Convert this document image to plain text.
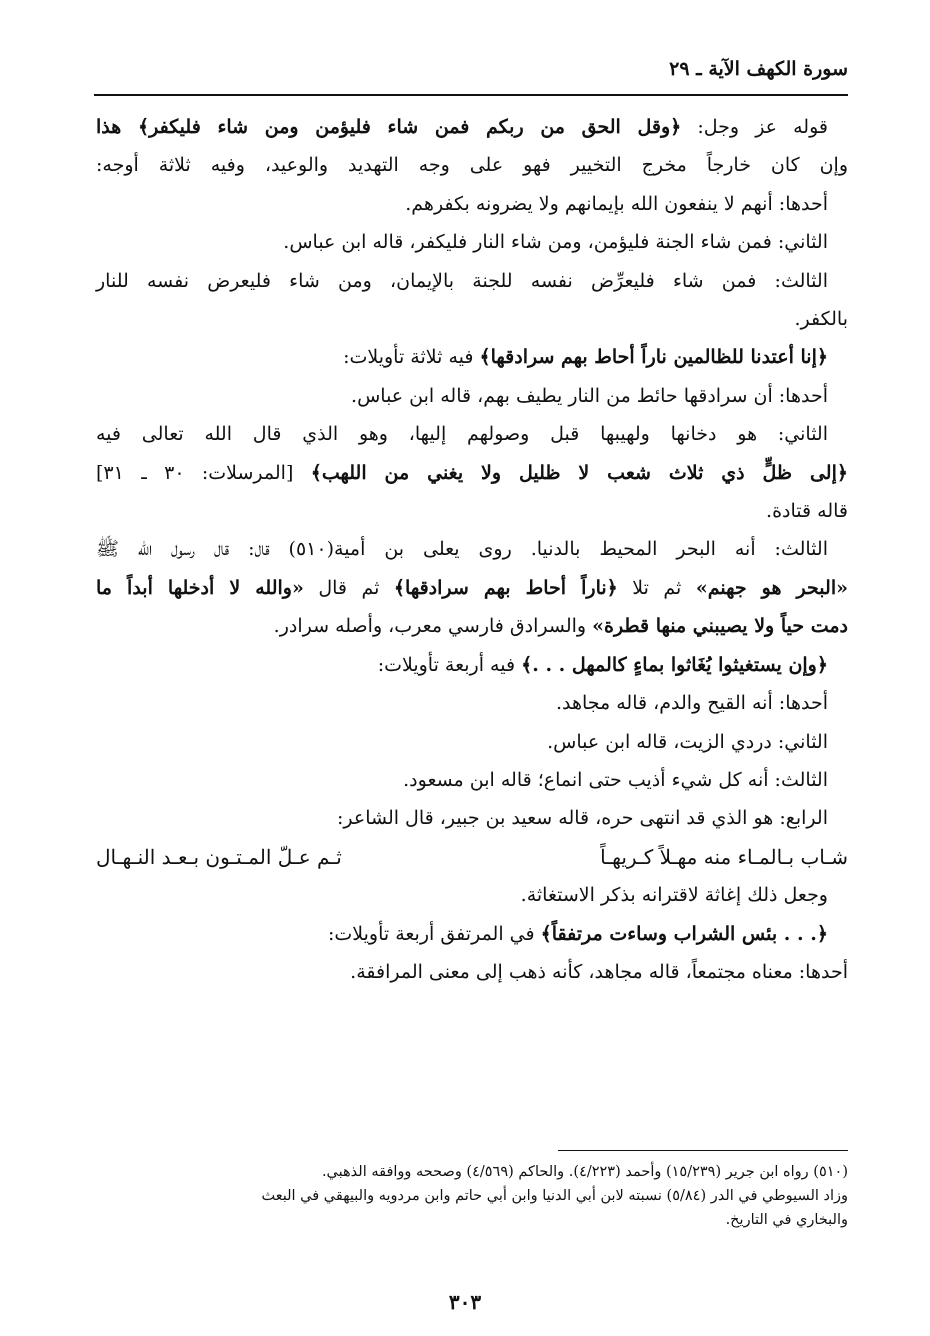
سورة الكهف الآية ـ ٢٩

قوله عز وجل: ﴿وقل الحق من ربكم فمن شاء فليؤمن ومن شاء فليكفر﴾ هذا

وإن كان خارجاً مخرج التخيير فهو على وجه التهديد والوعيد، وفيه ثلاثة أوجه:

أحدها: أنهم لا ينفعون الله بإيمانهم ولا يضرونه بكفرهم.

الثاني: فمن شاء الجنة فليؤمن، ومن شاء النار فليكفر، قاله ابن عباس.

الثالث: فمن شاء فليعرِّض نفسه للجنة بالإيمان، ومن شاء فليعرض نفسه للنار

بالكفر.

﴿إنا أعتدنا للظالمين ناراً أحاط بهم سرادقها﴾ فيه ثلاثة تأويلات:

أحدها: أن سرادقها حائط من النار يطيف بهم، قاله ابن عباس.

الثاني: هو دخانها ولهيبها قبل وصولهم إليها، وهو الذي قال الله تعالى فيه

﴿إلى ظلٍّ ذي ثلاث شعب لا ظليل ولا يغني من اللهب﴾ [المرسلات: ٣٠ ـ ٣١]

قاله قتادة.

الثالث: أنه البحر المحيط بالدنيا. روى يعلى بن أمية(٥١٠) قال: قال رسول الله ﷺ

«البحر هو جهنم» ثم تلا ﴿ناراً أحاط بهم سرادقها﴾ ثم قال «والله لا أدخلها أبداً ما

دمت حياً ولا يصيبني منها قطرة» والسرادق فارسي معرب، وأصله سرادر.

﴿وإن يستغيثوا يُغَاثوا بماءٍ كالمهل . . .﴾ فيه أربعة تأويلات:

أحدها: أنه القيح والدم، قاله مجاهد.

الثاني: دردي الزيت، قاله ابن عباس.

الثالث: أنه كل شيء أذيب حتى انماع؛ قاله ابن مسعود.

الرابع: هو الذي قد انتهى حره، قاله سعيد بن جبير، قال الشاعر:

شـاب بـالمـاء منه مهـلاً كـريهـاً
ثـم عـلّ المـتـون بـعـد النـهـال

وجعل ذلك إغاثة لاقترانه بذكر الاستغاثة.

﴿. . . بئس الشراب وساءت مرتفقاً﴾ في المرتفق أربعة تأويلات:

أحدها: معناه مجتمعاً، قاله مجاهد، كأنه ذهب إلى معنى المرافقة.

(٥١٠) رواه ابن جرير (١٥/٢٣٩) وأحمد (٤/٢٢٣). والحاكم (٤/٥٦٩) وصححه ووافقه الذهبي.

وزاد السيوطي في الدر (٥/٨٤) نسبته لابن أبي الدنيا وابن أبي حاتم وابن مردويه والبيهقي في البعث

والبخاري في التاريخ.

٣٠٣
